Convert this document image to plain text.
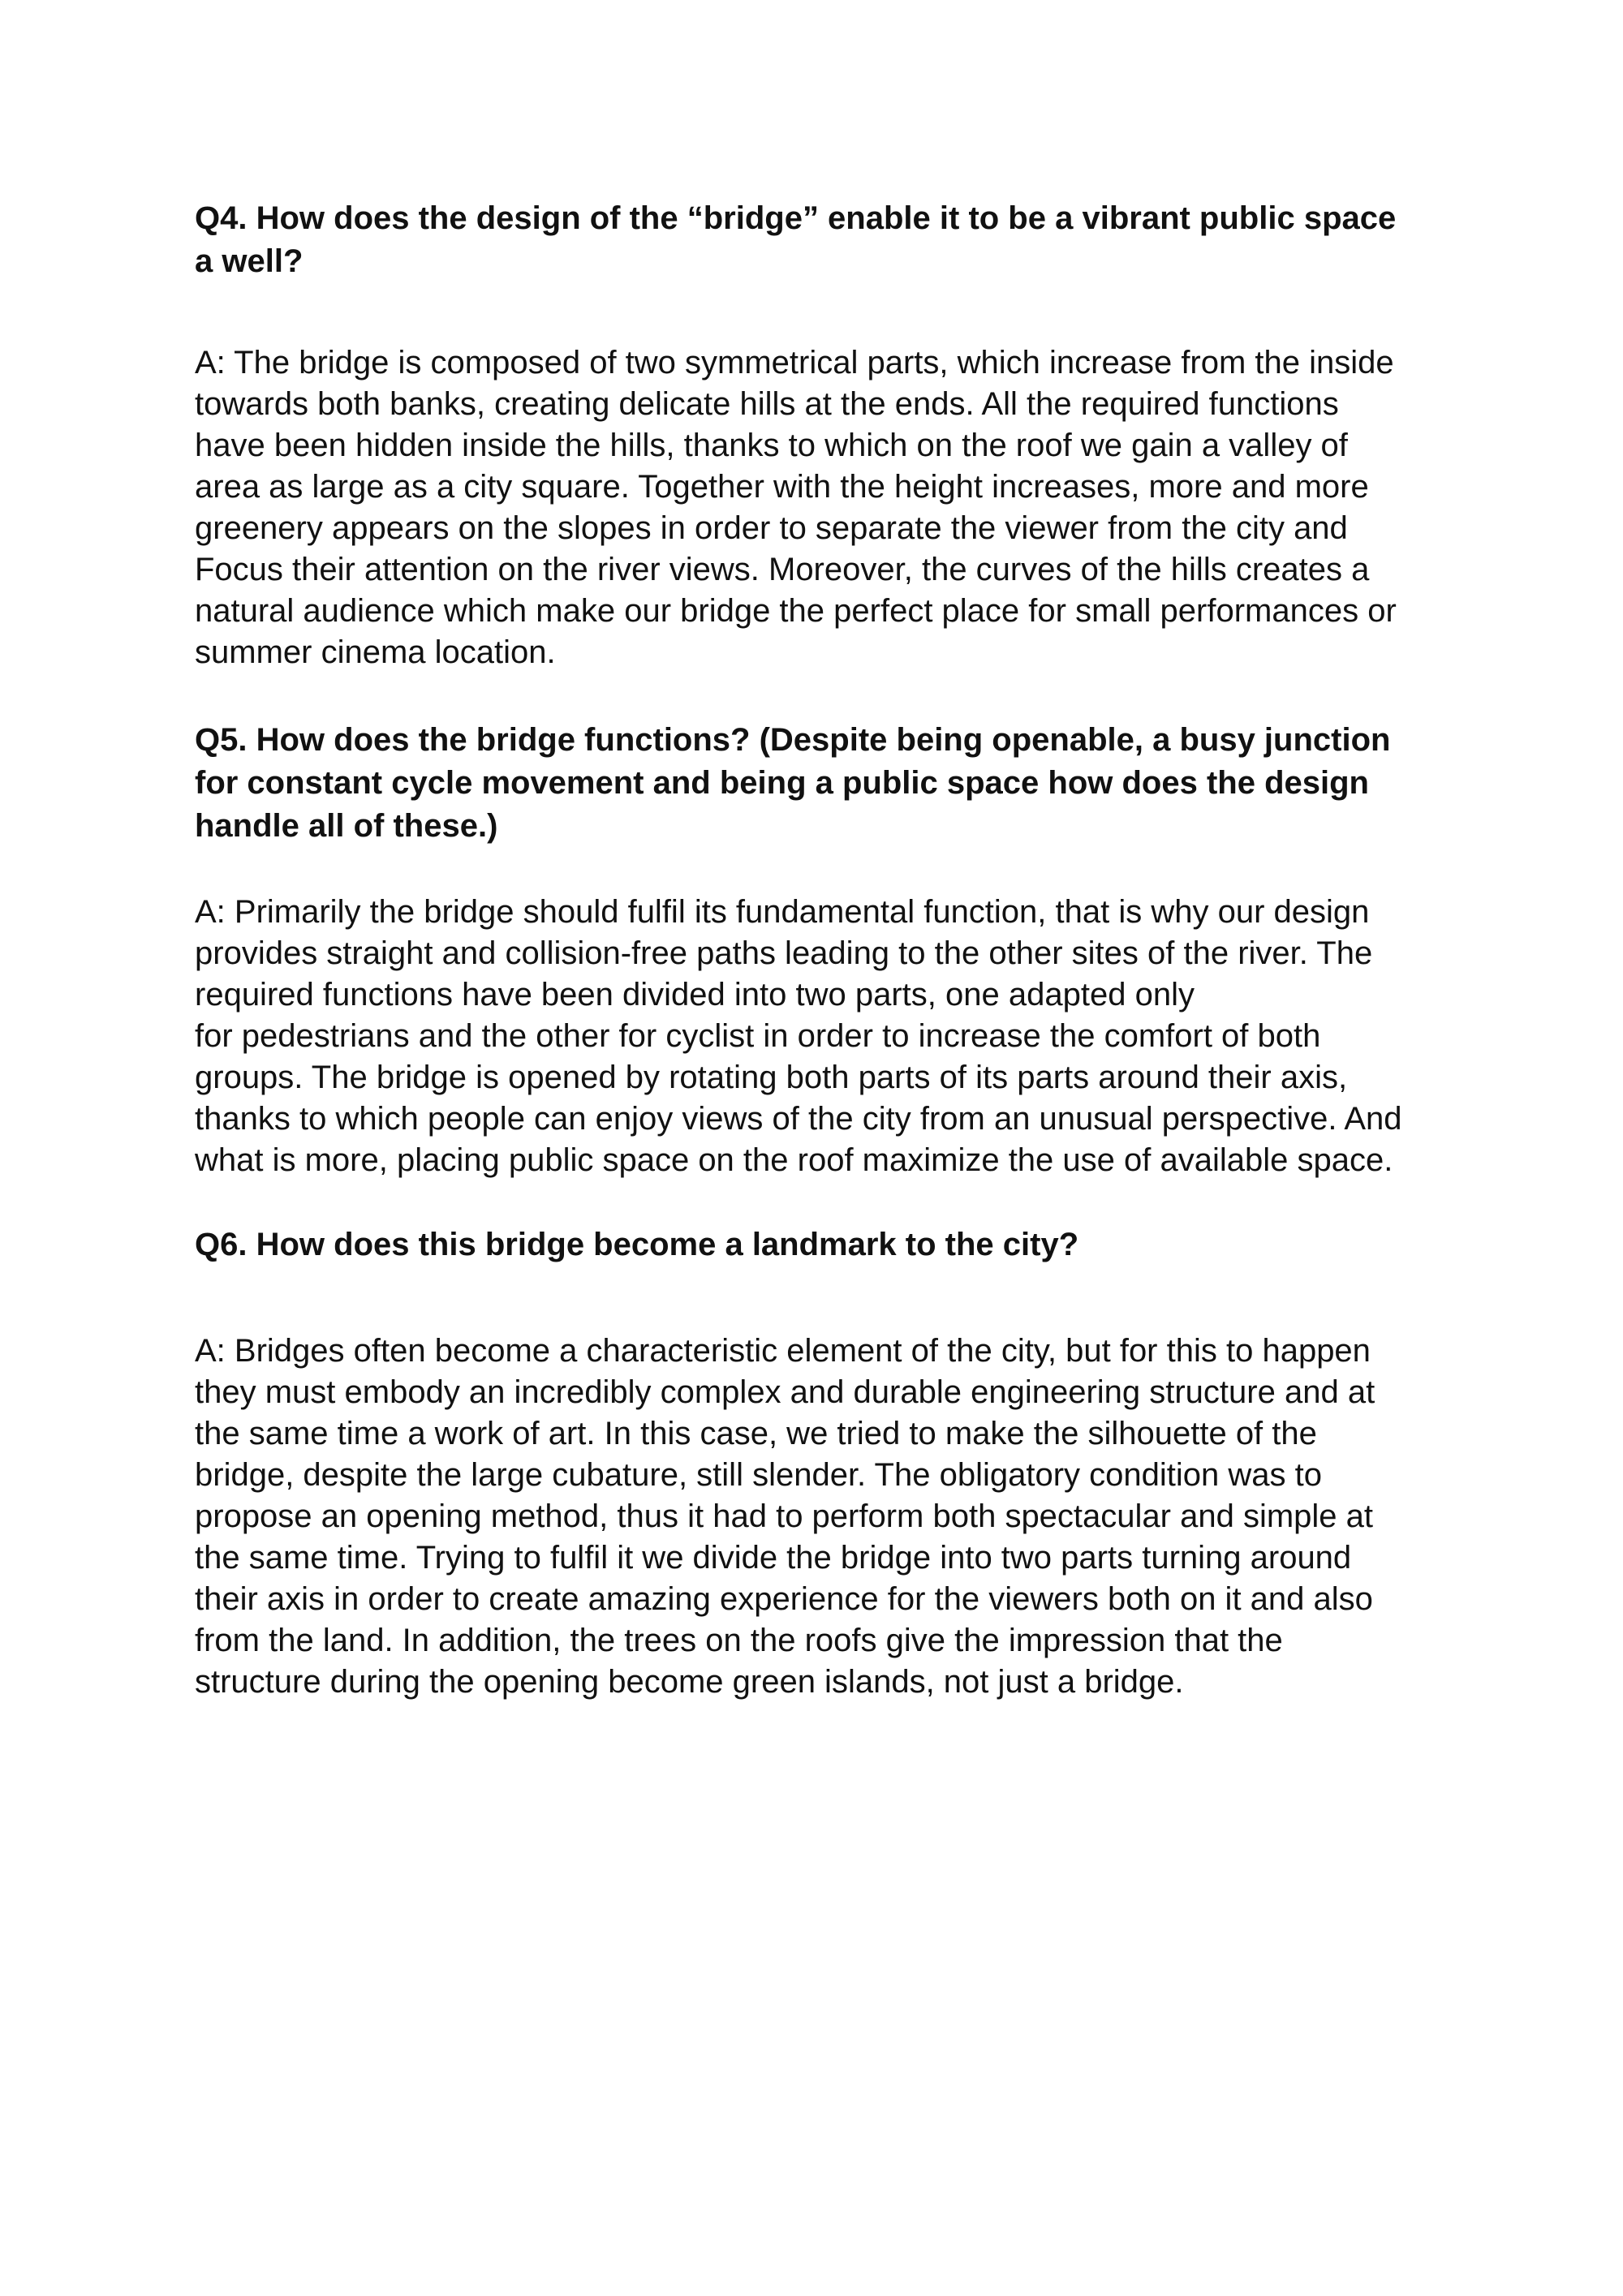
Q4. How does the design of the “bridge” enable it to be a vibrant public space
a well?
A: The bridge is composed of two symmetrical parts, which increase from the inside
towards both banks, creating delicate hills at the ends. All the required functions
have been hidden inside the hills, thanks to which on the roof we gain a valley of
area as large as a city square. Together with the height increases, more and more
greenery appears on the slopes in order to separate the viewer from the city and
Focus their attention on the river views. Moreover, the curves of the hills creates a
natural audience which make our bridge the perfect place for small performances or
summer cinema location.
Q5. How does the bridge functions? (Despite being openable, a busy junction
for constant cycle movement and being a public space how does the design
handle all of these.)
A: Primarily the bridge should fulfil its fundamental function, that is why our design
provides straight and collision-free paths leading to the other sites of the river. The
required functions have been divided into two parts, one adapted only
for pedestrians and the other for cyclist in order to increase the comfort of both
groups. The bridge is opened by rotating both parts of its parts around their axis,
thanks to which people can enjoy views of the city from an unusual perspective. And
what is more, placing public space on the roof maximize the use of available space.
Q6. How does this bridge become a landmark to the city?
A: Bridges often become a characteristic element of the city, but for this to happen
they must embody an incredibly complex and durable engineering structure and at
the same time a work of art. In this case, we tried to make the silhouette of the
bridge, despite the large cubature, still slender. The obligatory condition was to
propose an opening method, thus it had to perform both spectacular and simple at
the same time. Trying to fulfil it we divide the bridge into two parts turning around
their axis in order to create amazing experience for the viewers both on it and also
from the land. In addition, the trees on the roofs give the impression that the
structure during the opening become green islands, not just a bridge.
